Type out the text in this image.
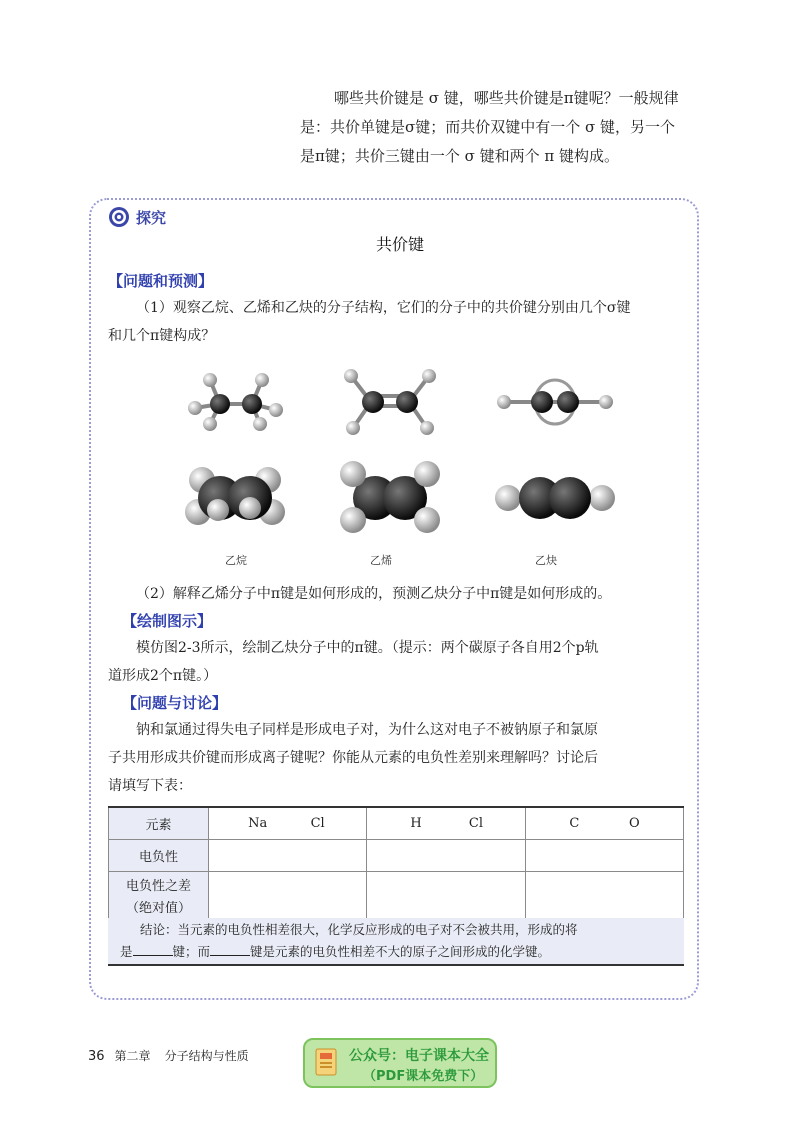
哪些共价键是 σ 键，哪些共价键是π键呢？一般规律

是：共价单键是σ键；而共价双键中有一个 σ 键，另一个

是π键；共价三键由一个 σ 键和两个 π 键构成。

探究
共价键
【问题和预测】

（1）观察乙烷、乙烯和乙炔的分子结构，它们的分子中的共价键分别由几个σ键

和几个π键构成？

乙烷	乙烯	乙炔

（2）解释乙烯分子中π键是如何形成的，预测乙炔分子中π键是如何形成的。

【绘制图示】

模仿图2-3所示，绘制乙炔分子中的π键。（提示：两个碳原子各自用2个p轨

道形成2个π键。）

【问题与讨论】

钠和氯通过得失电子同样是形成电子对，为什么这对电子不被钠原子和氯原

子共用形成共价键而形成离子键呢？你能从元素的电负性差别来理解吗？讨论后

请填写下表：

元素	Na Cl	H Cl	C O
电负性			
电负性之差
（绝对值）			

结论：当元素的电负性相差很大，化学反应形成的电子对不会被共用，形成的将

是	键；而	键是元素的电负性相差不大的原子之间形成的化学键。

36 第二章 分子结构与性质	公众号：电子课本大全
（PDF课本免费下）
